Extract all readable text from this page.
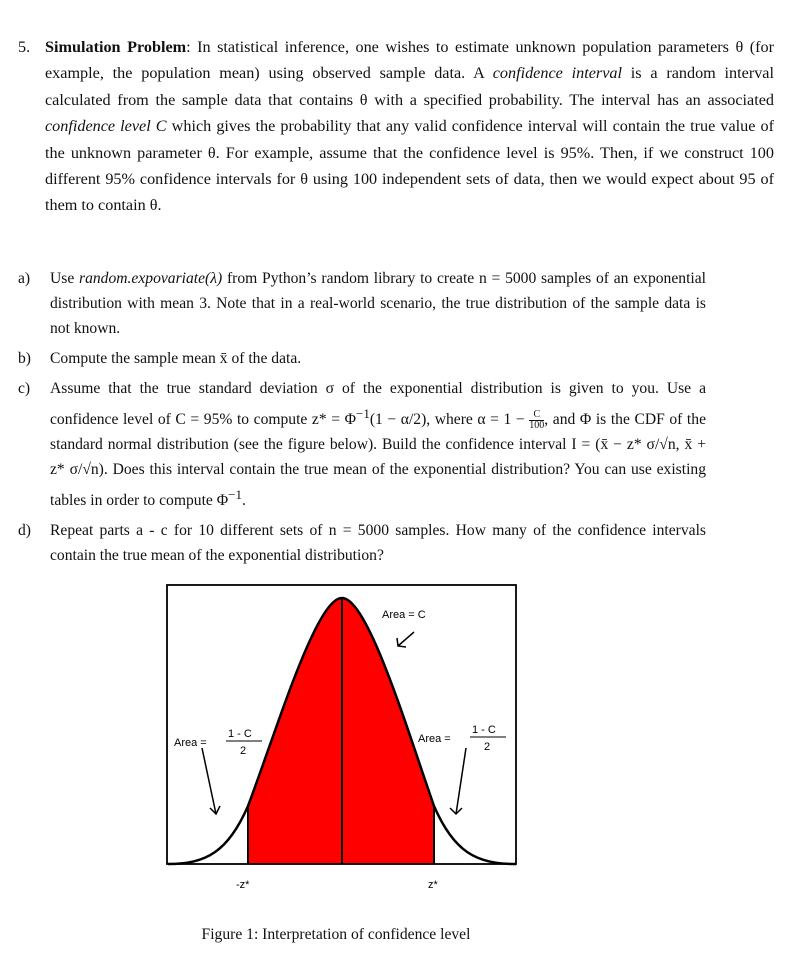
5. Simulation Problem: In statistical inference, one wishes to estimate unknown population parameters θ (for example, the population mean) using observed sample data. A confidence interval is a random interval calculated from the sample data that contains θ with a specified probability. The interval has an associated confidence level C which gives the probability that any valid confidence interval will contain the true value of the unknown parameter θ. For example, assume that the confidence level is 95%. Then, if we construct 100 different 95% confidence intervals for θ using 100 independent sets of data, then we would expect about 95 of them to contain θ.
a) Use random.expovariate(λ) from Python’s random library to create n = 5000 samples of an exponential distribution with mean 3. Note that in a real-world scenario, the true distribution of the sample data is not known.
b) Compute the sample mean x̄ of the data.
c) Assume that the true standard deviation σ of the exponential distribution is given to you. Use a confidence level of C = 95% to compute $z* = \Phi^{-1}(1 - \alpha/2)$, where $\alpha = 1 - \frac{C}{100}$ , and Φ is the CDF of the standard normal distribution (see the figure below). Build the confidence interval I = (x̄ − z* σ/√n, x̄ + z* σ/√n). Does this interval contain the true mean of the exponential distribution? You can use existing tables in order to compute $\Phi^{-1}$.
d) Repeat parts a - c for 10 different sets of n = 5000 samples. How many of the confidence intervals contain the true mean of the exponential distribution?
Area = C
Area =
1 - C
2
Area =
1 - C
2
-z*	z*
Figure 1: Interpretation of confidence level
